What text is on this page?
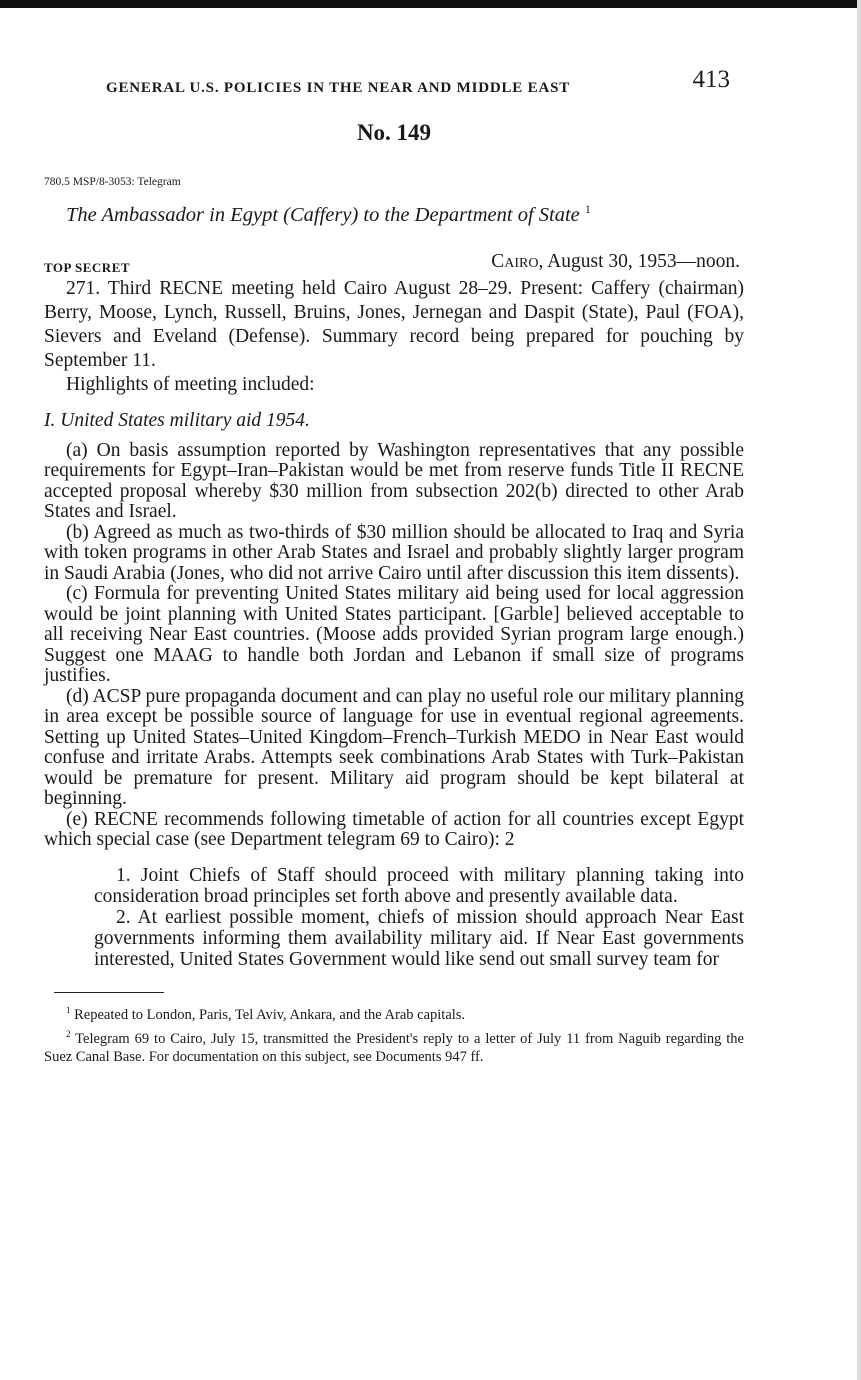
GENERAL U.S. POLICIES IN THE NEAR AND MIDDLE EAST	413
No. 149
780.5 MSP/8-3053: Telegram
The Ambassador in Egypt (Caffery) to the Department of State $^1$
TOP SECRET	Cairo, August 30, 1953—noon.

271. Third RECNE meeting held Cairo August 28–29. Present: Caffery (chairman) Berry, Moose, Lynch, Russell, Bruins, Jones, Jernegan and Daspit (State), Paul (FOA), Sievers and Eveland (Defense). Summary record being prepared for pouching by September 11.

Highlights of meeting included:

I. United States military aid 1954.

(a) On basis assumption reported by Washington representatives that any possible requirements for Egypt–Iran–Pakistan would be met from reserve funds Title II RECNE accepted proposal whereby $30 million from subsection 202(b) directed to other Arab States and Israel.

(b) Agreed as much as two-thirds of $30 million should be allocated to Iraq and Syria with token programs in other Arab States and Israel and probably slightly larger program in Saudi Arabia (Jones, who did not arrive Cairo until after discussion this item dissents).

(c) Formula for preventing United States military aid being used for local aggression would be joint planning with United States participant. [Garble] believed acceptable to all receiving Near East countries. (Moose adds provided Syrian program large enough.) Suggest one MAAG to handle both Jordan and Lebanon if small size of programs justifies.

(d) ACSP pure propaganda document and can play no useful role our military planning in area except be possible source of language for use in eventual regional agreements. Setting up United States–United Kingdom–French–Turkish MEDO in Near East would confuse and irritate Arabs. Attempts seek combinations Arab States with Turk–Pakistan would be premature for present. Military aid program should be kept bilateral at beginning.

(e) RECNE recommends following timetable of action for all countries except Egypt which special case (see Department telegram 69 to Cairo): 2

1. Joint Chiefs of Staff should proceed with military planning taking into consideration broad principles set forth above and presently available data.

2. At earliest possible moment, chiefs of mission should approach Near East governments informing them availability military aid. If Near East governments interested, United States Government would like send out small survey team for

$^1$ Repeated to London, Paris, Tel Aviv, Ankara, and the Arab capitals.

$^2$ Telegram 69 to Cairo, July 15, transmitted the President's reply to a letter of July 11 from Naguib regarding the Suez Canal Base. For documentation on this subject, see Documents 947 ff.
